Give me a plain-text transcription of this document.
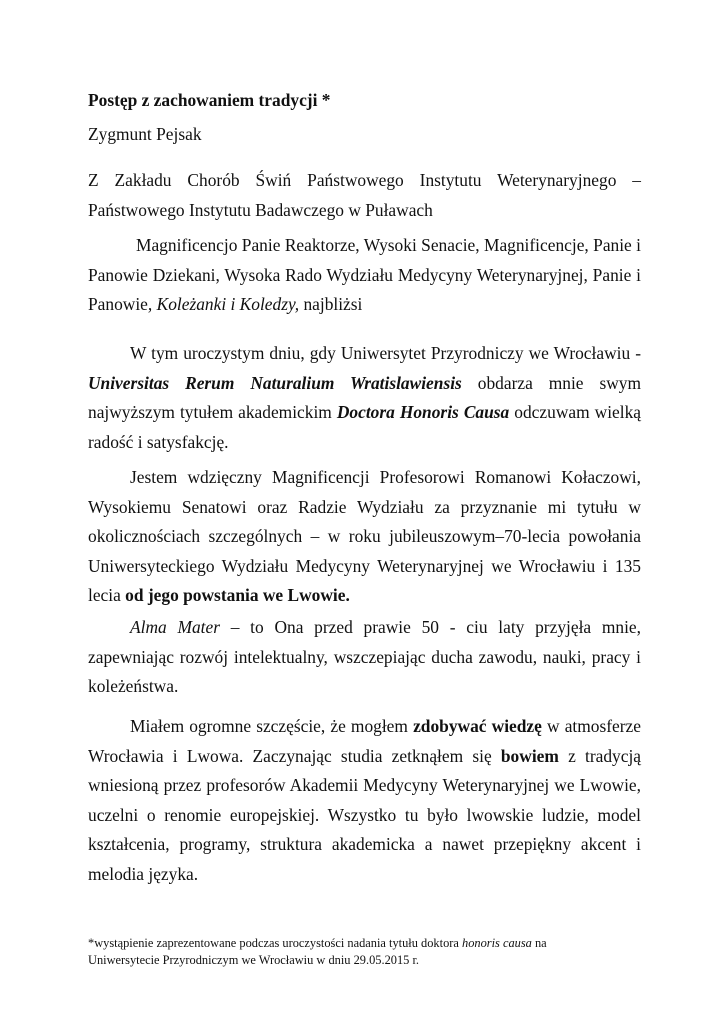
Postęp z zachowaniem tradycji *

Zygmunt Pejsak

Z Zakładu Chorób Świń Państwowego Instytutu Weterynaryjnego –
Państwowego Instytutu Badawczego w Puławach
Magnificencjo Panie Reaktorze, Wysoki Senacie, Magnificencje, Panie i
Panowie Dziekani, Wysoka Rado Wydziału Medycyny Weterynaryjnej, Panie i
Panowie, Koleżanki i Koledzy, najbliżsi
W tym uroczystym dniu, gdy Uniwersytet Przyrodniczy we Wrocławiu -
Universitas Rerum Naturalium Wratislawiensis obdarza mnie swym
najwyższym tytułem akademickim Doctora Honoris Causa odczuwam wielką
radość i satysfakcję.
Jestem wdzięczny Magnificencji Profesorowi Romanowi Kołaczowi,
Wysokiemu Senatowi oraz Radzie Wydziału za przyznanie mi tytułu w
okolicznościach szczególnych – w roku jubileuszowym–70-lecia powołania
Uniwersyteckiego Wydziału Medycyny Weterynaryjnej we Wrocławiu i 135
lecia od jego powstania we Lwowie.
Alma Mater – to Ona przed prawie 50 - ciu laty przyjęła mnie,
zapewniając rozwój intelektualny, wszczepiając ducha zawodu, nauki, pracy i
koleżeństwa.
Miałem ogromne szczęście, że mogłem zdobywać wiedzę w atmosferze
Wrocławia i Lwowa. Zaczynając studia zetknąłem się bowiem z tradycją
wniesioną przez profesorów Akademii Medycyny Weterynaryjnej we Lwowie,
uczelni o renomie europejskiej. Wszystko tu było lwowskie ludzie, model
kształcenia, programy, struktura akademicka a nawet przepiękny akcent i
melodia języka.
*wystąpienie zaprezentowane podczas uroczystości nadania tytułu doktora honoris causa na
Uniwersytecie Przyrodniczym we Wrocławiu w dniu 29.05.2015 r.
